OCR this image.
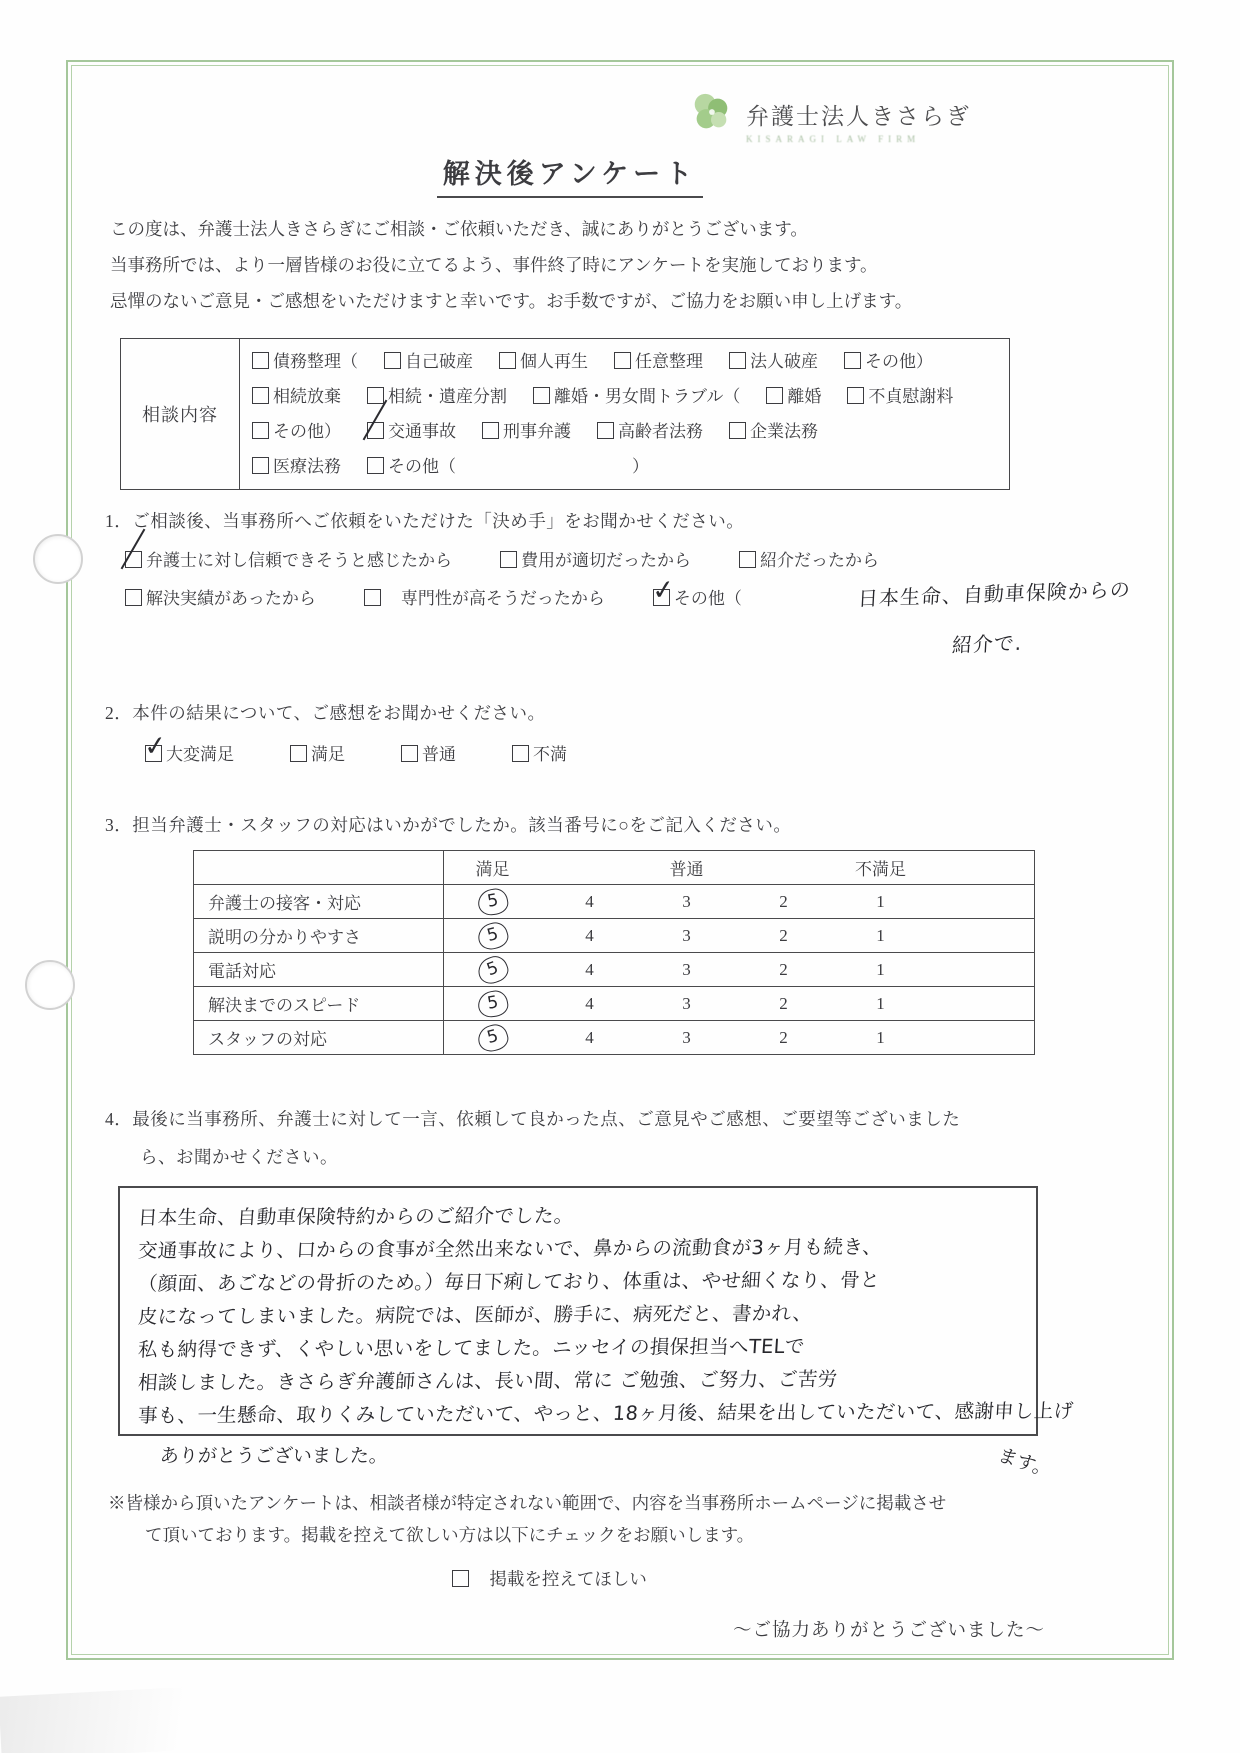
弁護士法人きさらぎ
KISARAGI LAW FIRM
解決後アンケート
この度は、弁護士法人きさらぎにご相談・ご依頼いただき、誠にありがとうございます。
当事務所では、より一層皆様のお役に立てるよう、事件終了時にアンケートを実施しております。
忌憚のないご意見・ご感想をいただけますと幸いです。お手数ですが、ご協力をお願い申し上げます。
相談内容
債務整理（	自己破産	個人再生	任意整理	法人破産	その他）
相続放棄	相続・遺産分割	離婚・男女間トラブル（	離婚	不貞慰謝料
その他）	交通事故	刑事弁護	高齢者法務	企業法務
医療法務	その他（	）
1．ご相談後、当事務所へご依頼をいただけた「決め手」をお聞かせください。
弁護士に対し信頼できそうと感じたから	費用が適切だったから	紹介だったから
解決実績があったから	専門性が高そうだったから ✓
その他（	日本生命、自動車保険からの
紹介で.
2．本件の結果について、ご感想をお聞かせください。
✓
大変満足	満足	普通	不満
3．担当弁護士・スタッフの対応はいかがでしたか。該当番号に○をご記入ください。
	満足		普通		不満足	
弁護士の接客・対応	5	4	3	2	1	
説明の分かりやすさ	5	4	3	2	1	
電話対応	5	4	3	2	1	
解決までのスピード	5	4	3	2	1	
スタッフの対応	5	4	3	2	1	
4．最後に当事務所、弁護士に対して一言、依頼して良かった点、ご意見やご感想、ご要望等ございました
ら、お聞かせください。
日本生命、自動車保険特約からのご紹介でした。
交通事故により、口からの食事が全然出来ないで、鼻からの流動食が3ヶ月も続き、
（顔面、あごなどの骨折のため。）毎日下痢しており、体重は、やせ細くなり、骨と
皮になってしまいました。病院では、医師が、勝手に、病死だと、書かれ、
私も納得できず、くやしい思いをしてました。ニッセイの損保担当へTELで
相談しました。きさらぎ弁護師さんは、長い間、常に ご勉強、ご努力、ご苦労
事も、一生懸命、取りくみしていただいて、やっと、18ヶ月後、結果を出していただいて、感謝申し上げ
ありがとうございました。	ます。
※皆様から頂いたアンケートは、相談者様が特定されない範囲で、内容を当事務所ホームページに掲載させ
て頂いております。掲載を控えて欲しい方は以下にチェックをお願いします。
掲載を控えてほしい
～ご協力ありがとうございました～
